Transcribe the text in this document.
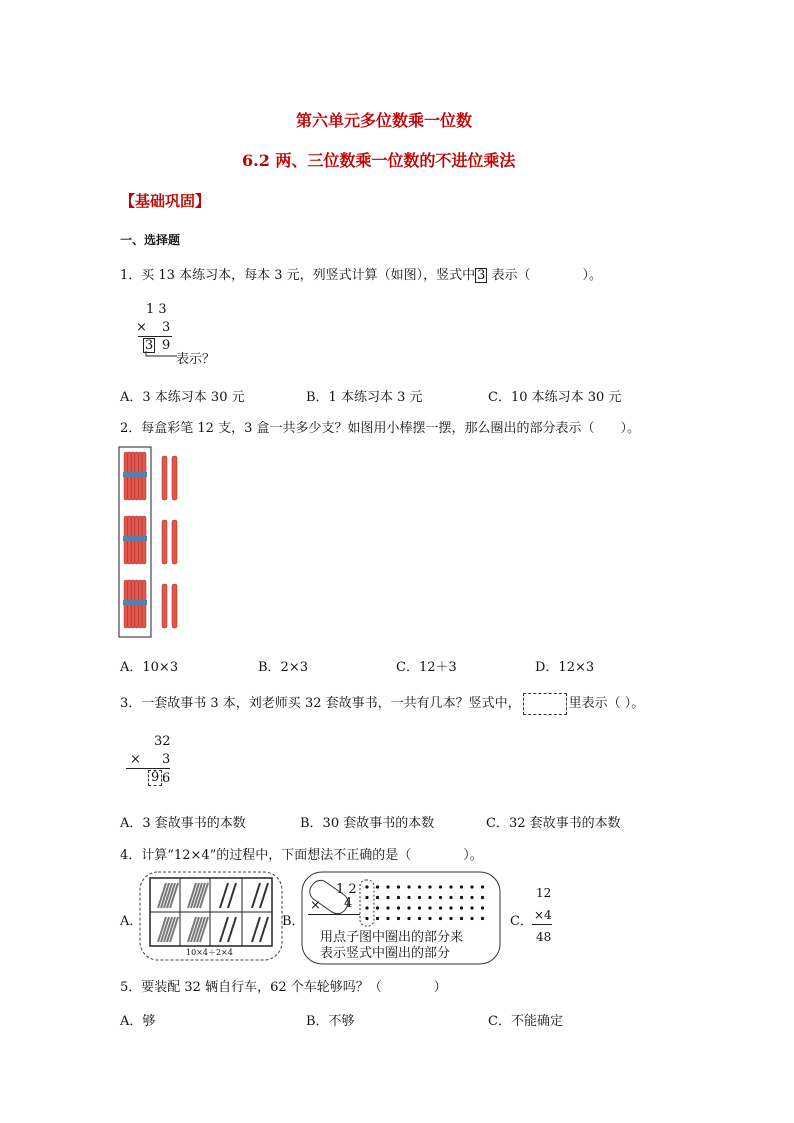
第六单元多位数乘一位数
6.2 两、三位数乘一位数的不进位乘法
【基础巩固】
一、选择题
1．买 13 本练习本，每本 3 元，列竖式计算（如图），竖式中 3 表示（　　　　）。
1 3
× 3
3 9
表示？
A．3 本练习本 30 元	B．1 本练习本 3 元	C．10 本练习本 30 元
2．每盒彩笔 12 支，3 盒一共多少支？如图用小棒摆一摆，那么圈出的部分表示（　　）。
A．10×3	B．2×3	C．12＋3	D．12×3
3．一套故事书 3 本，刘老师买 32 套故事书，一共有几本？竖式中，	里表示（ ）。
32
× 3
9 6
A．3 套故事书的本数	B．30 套故事书的本数	C．32 套故事书的本数
4．计算“12×4”的过程中，下面想法不正确的是（　　　　）。
A．
10×4＋2×4
B．
1 2
× 4
用点子图中圈出的部分来
表示竖式中圈出的部分
C．
12
×4
48
5．要装配 32 辆自行车，62 个车轮够吗？（　　　　）
A．够	B．不够	C．不能确定
